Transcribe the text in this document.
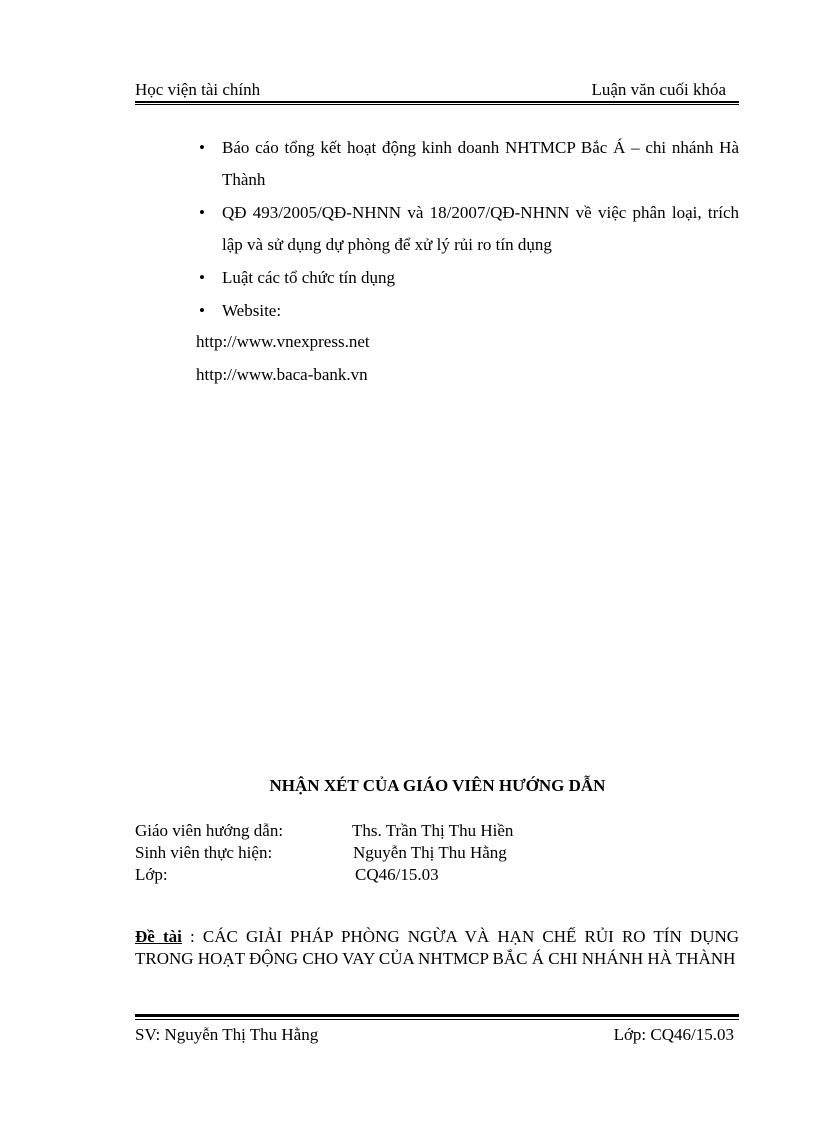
Học viện tài chính	Luận văn cuối khóa
• Báo cáo tổng kết hoạt động kinh doanh NHTMCP Bắc Á – chi nhánh Hà Thành
• QĐ 493/2005/QĐ-NHNN và 18/2007/QĐ-NHNN về việc phân loại, trích lập và sử dụng dự phòng để xử lý rủi ro tín dụng
• Luật các tổ chức tín dụng
• Website:
http://www.vnexpress.net
http://www.baca-bank.vn
NHẬN XÉT CỦA GIÁO VIÊN HƯỚNG DẪN
Giáo viên hướng dẫn:	Ths. Trần Thị Thu Hiền
Sinh viên thực hiện:	Nguyễn Thị Thu Hằng
Lớp:	CQ46/15.03
Đề tài : CÁC GIẢI PHÁP PHÒNG NGỪA VÀ HẠN CHẾ RỦI RO TÍN DỤNG TRONG HOẠT ĐỘNG CHO VAY CỦA NHTMCP BẮC Á CHI NHÁNH HÀ THÀNH
SV: Nguyễn Thị Thu Hằng	Lớp: CQ46/15.03
